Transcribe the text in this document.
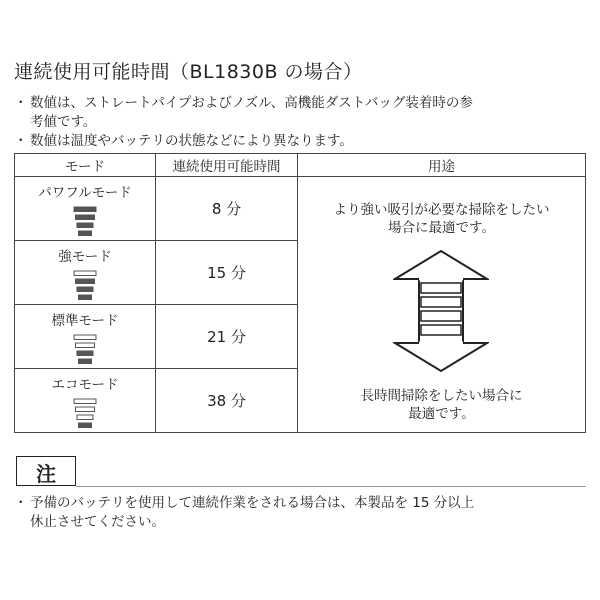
連続使用可能時間（BL1830B の場合）
・ 数値は、ストレートパイプおよびノズル、高機能ダストバッグ装着時の参
考値です。
・ 数値は温度やバッテリの状態などにより異なります。
モード	連続使用可能時間	用途

パワフルモード	8 分	より強い吸引が必要な掃除をしたい
場合に最適です。
長時間掃除をしたい場合に
最適です。

強モード	15 分	

標準モード	21 分	

エコモード	38 分	
注
・ 予備のバッテリを使用して連続作業をされる場合は、本製品を 15 分以上
休止させてください。
